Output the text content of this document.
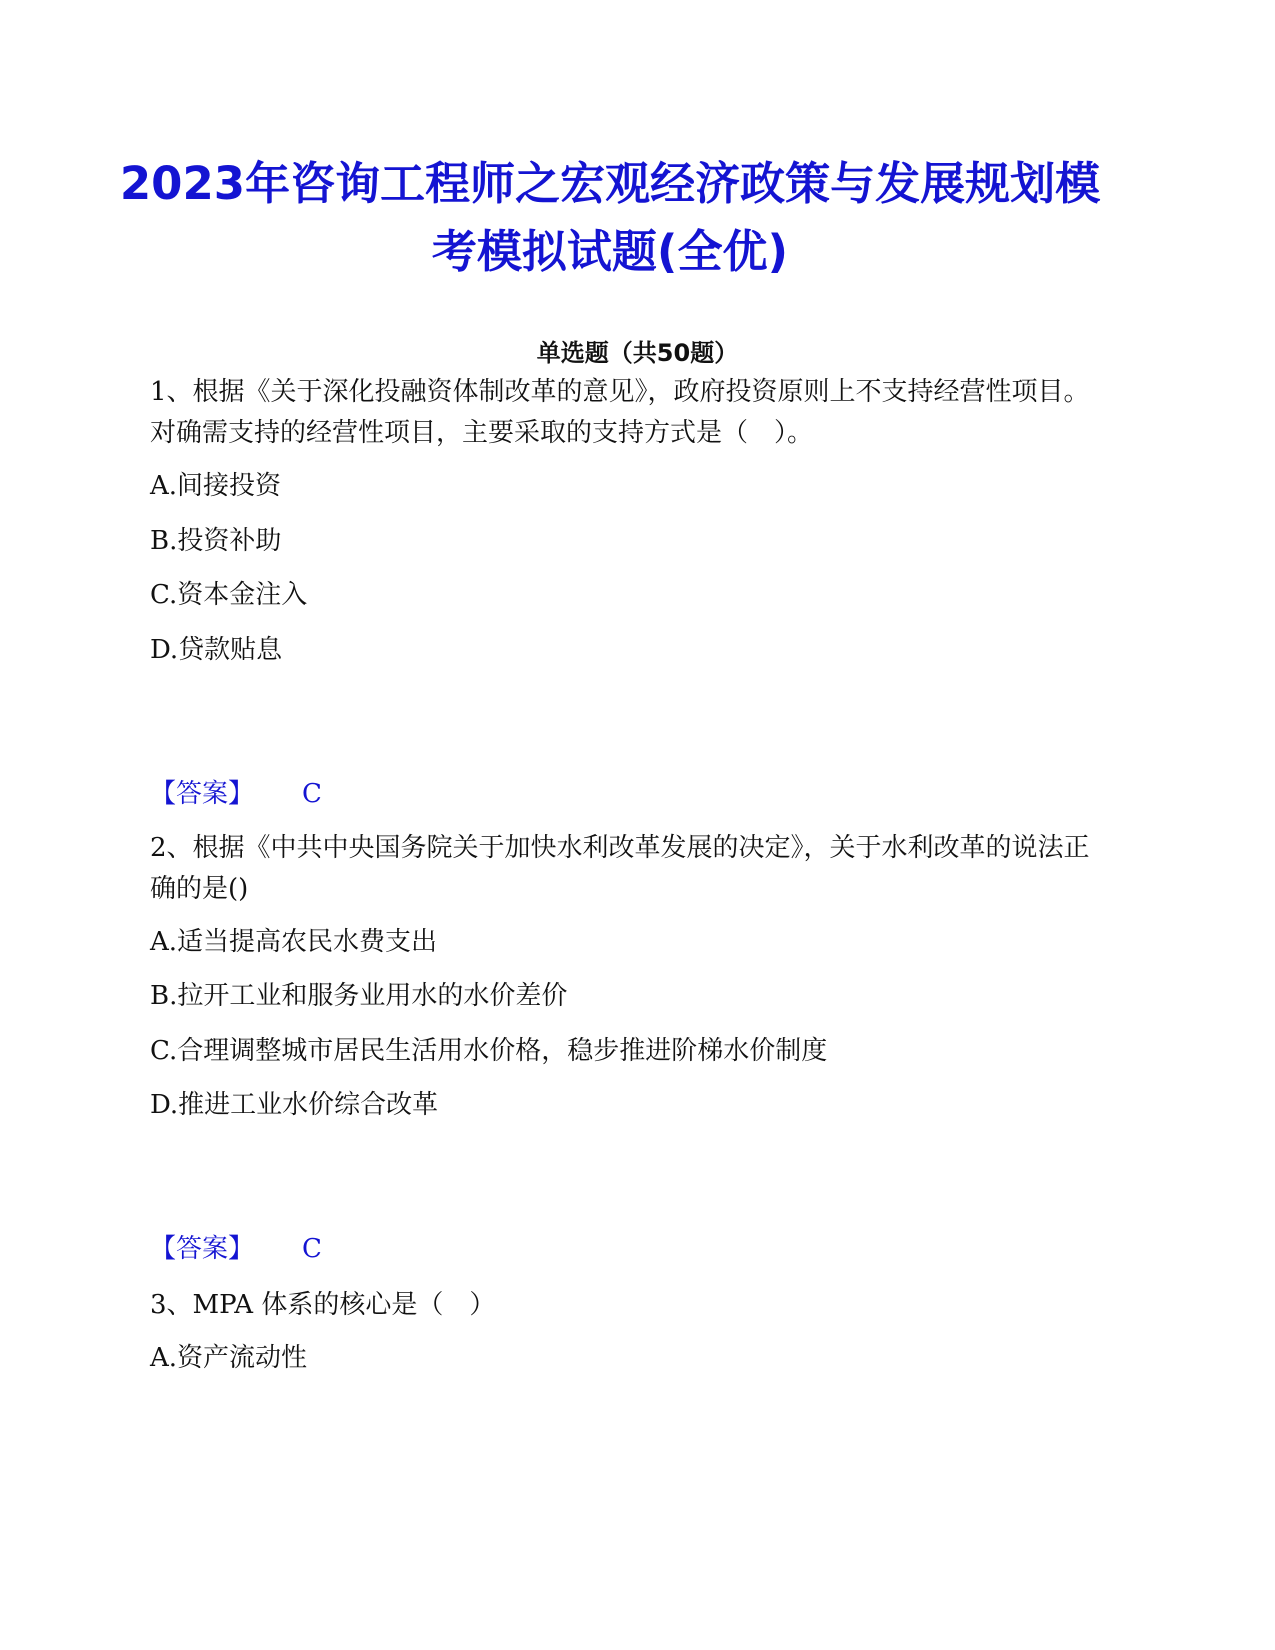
2023年咨询工程师之宏观经济政策与发展规划模考模拟试题(全优)
单选题（共50题）

1、根据《关于深化投融资体制改革的意见》，政府投资原则上不支持经营性项目。对确需支持的经营性项目，主要采取的支持方式是（　）。

A.间接投资
B.投资补助
C.资本金注入
D.贷款贴息
【答案】 C

2、根据《中共中央国务院关于加快水利改革发展的决定》，关于水利改革的说法正确的是()

A.适当提高农民水费支出
B.拉开工业和服务业用水的水价差价
C.合理调整城市居民生活用水价格，稳步推进阶梯水价制度
D.推进工业水价综合改革
【答案】 C

3、MPA 体系的核心是（　）

A.资产流动性
